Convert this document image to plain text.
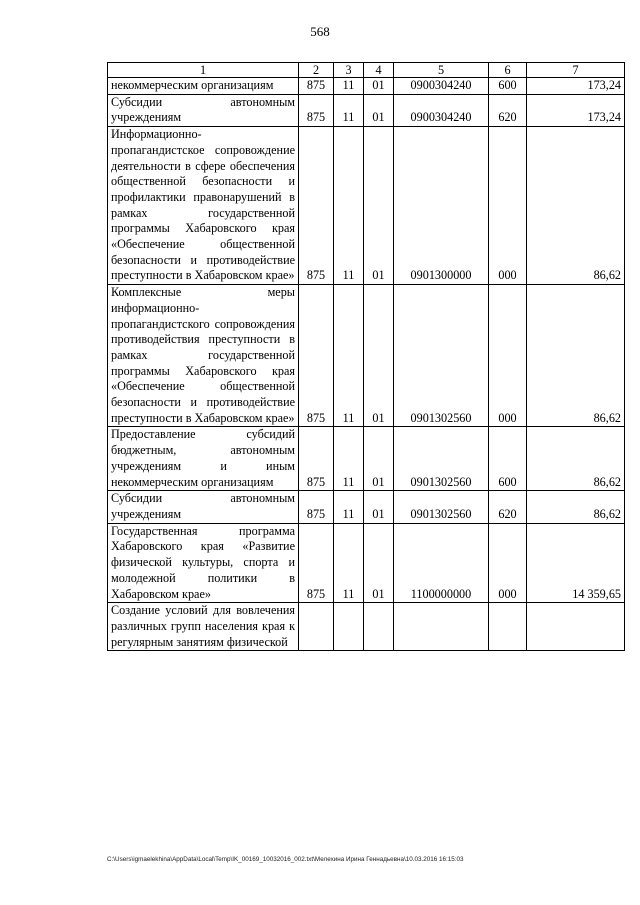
568
1	2	3	4	5	6	7
некоммерческим организациям	875	11	01	0900304240	600	173,24
Субсидии автономным учреждениям	875	11	01	0900304240	620	173,24
Информационно-пропагандистское сопровождение деятельности в сфере обеспечения общественной безопасности и профилактики правонарушений в рамках государственной программы Хабаровского края «Обеспечение общественной безопасности и противодействие преступности в Хабаровском крае»	875	11	01	0901300000	000	86,62
Комплексные меры информационно-пропагандистского сопровождения противодействия преступности в рамках государственной программы Хабаровского края «Обеспечение общественной безопасности и противодействие преступности в Хабаровском крае»	875	11	01	0901302560	000	86,62
Предоставление субсидий бюджетным, автономным учреждениям и иным некоммерческим организациям	875	11	01	0901302560	600	86,62
Субсидии автономным учреждениям	875	11	01	0901302560	620	86,62
Государственная программа Хабаровского края «Развитие физической культуры, спорта и молодежной политики в Хабаровском крае»	875	11	01	1100000000	000	14 359,65
Создание условий для вовлечения различных групп населения края к регулярным занятиям физической						
C:\Users\igmaelekhina\AppData\Local\Temp\IK_00169_10032016_002.txt\Мелехина Ирина Геннадьевна\10.03.2016 16:15:03
